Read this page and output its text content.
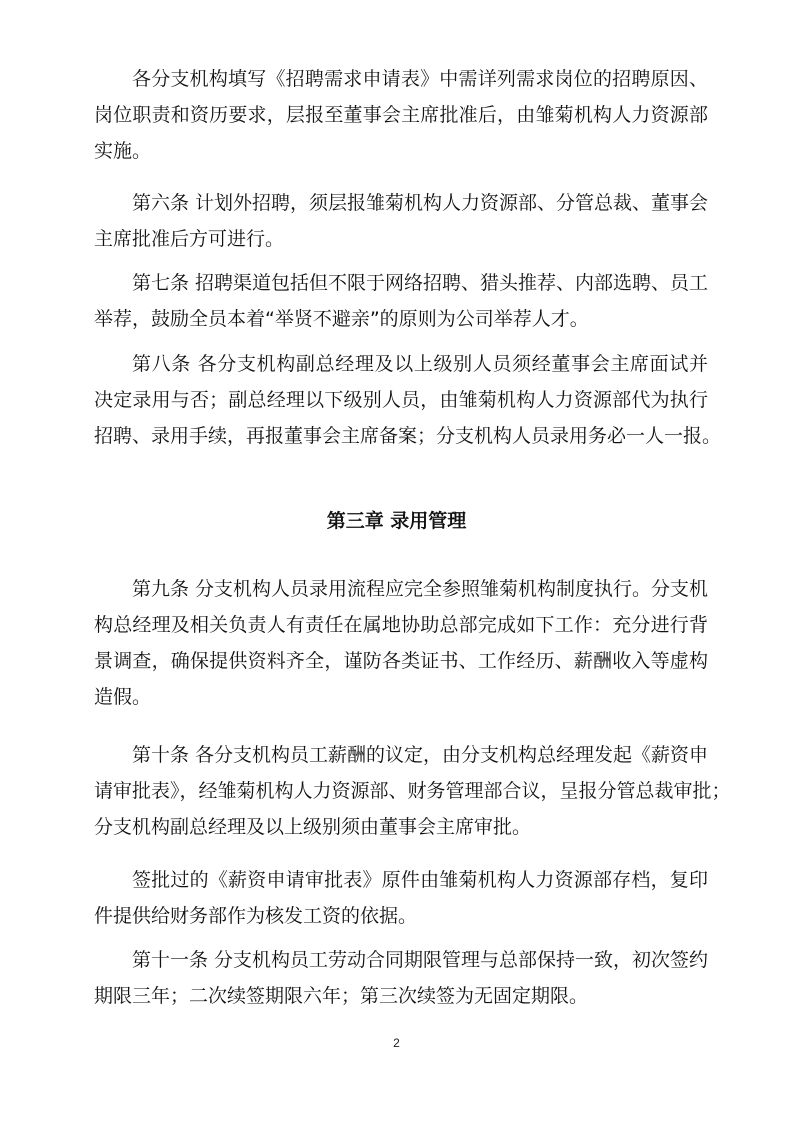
各分支机构填写《招聘需求申请表》中需详列需求岗位的招聘原因、
岗位职责和资历要求，层报至董事会主席批准后，由雏菊机构人力资源部
实施。
第六条 计划外招聘，须层报雏菊机构人力资源部、分管总裁、董事会
主席批准后方可进行。
第七条 招聘渠道包括但不限于网络招聘、猎头推荐、内部选聘、员工
举荐，鼓励全员本着“举贤不避亲”的原则为公司举荐人才。
第八条 各分支机构副总经理及以上级别人员须经董事会主席面试并
决定录用与否；副总经理以下级别人员，由雏菊机构人力资源部代为执行
招聘、录用手续，再报董事会主席备案；分支机构人员录用务必一人一报。
第三章 录用管理
第九条 分支机构人员录用流程应完全参照雏菊机构制度执行。分支机
构总经理及相关负责人有责任在属地协助总部完成如下工作：充分进行背
景调查，确保提供资料齐全，谨防各类证书、工作经历、薪酬收入等虚构
造假。
第十条 各分支机构员工薪酬的议定，由分支机构总经理发起《薪资申
请审批表》，经雏菊机构人力资源部、财务管理部合议，呈报分管总裁审批；
分支机构副总经理及以上级别须由董事会主席审批。
签批过的《薪资申请审批表》原件由雏菊机构人力资源部存档，复印
件提供给财务部作为核发工资的依据。
第十一条 分支机构员工劳动合同期限管理与总部保持一致，初次签约
期限三年；二次续签期限六年；第三次续签为无固定期限。
2
